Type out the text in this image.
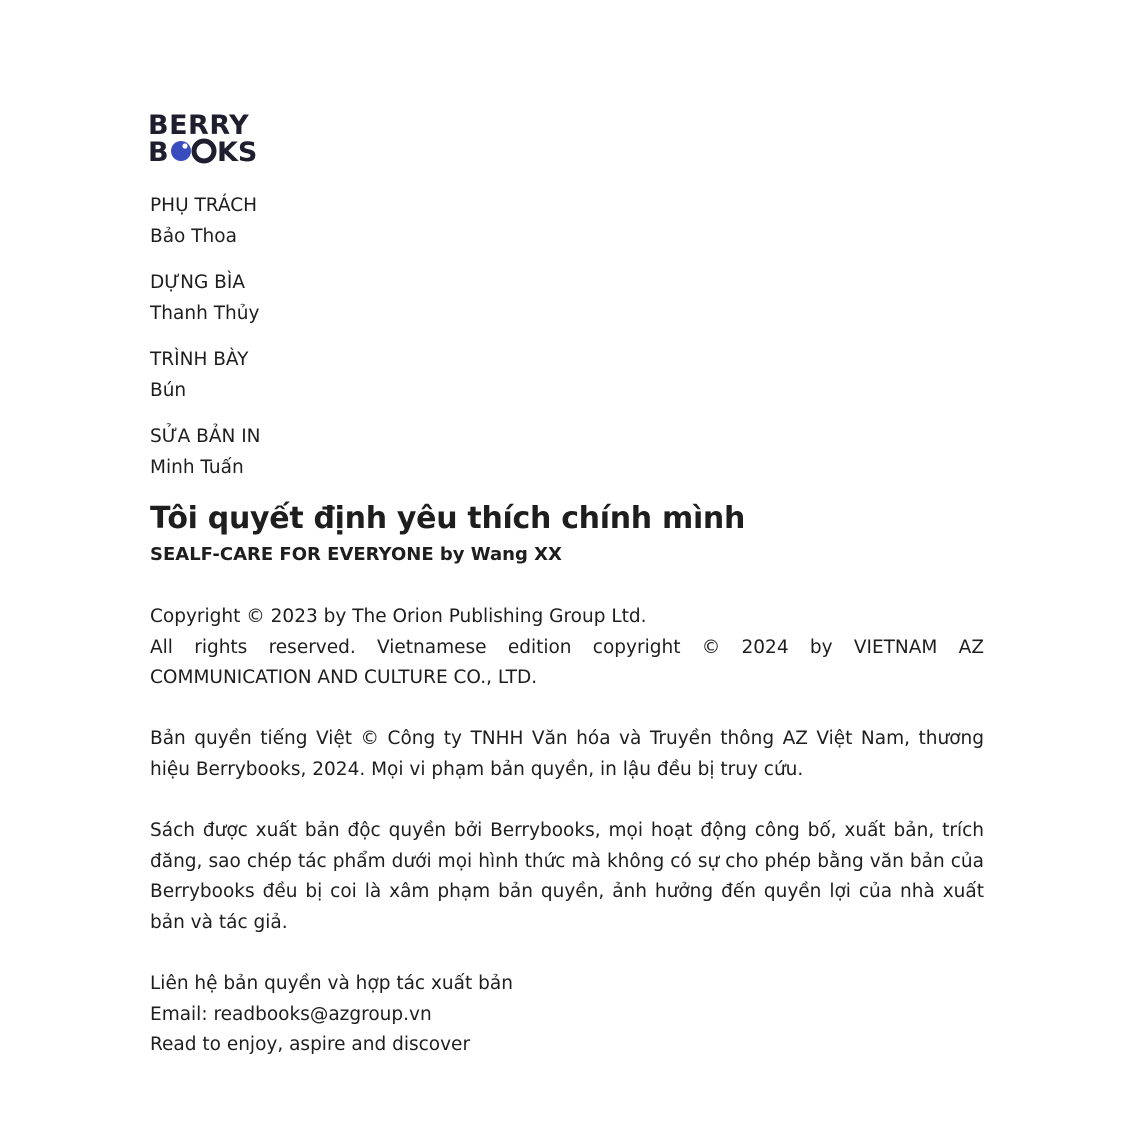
BERRY
B KS
PHỤ TRÁCH
Bảo Thoa
DỰNG BÌA
Thanh Thủy
TRÌNH BÀY
Bún
SỬA BẢN IN
Minh Tuấn
Tôi quyết định yêu thích chính mình

SEALF-CARE FOR EVERYONE by Wang XX

Copyright © 2023 by The Orion Publishing Group Ltd.
All rights reserved. Vietnamese edition copyright © 2024 by VIETNAM AZ COMMUNICATION AND CULTURE CO., LTD.

Bản quyền tiếng Việt © Công ty TNHH Văn hóa và Truyền thông AZ Việt Nam, thương hiệu Berrybooks, 2024. Mọi vi phạm bản quyền, in lậu đều bị truy cứu.

Sách được xuất bản độc quyền bởi Berrybooks, mọi hoạt động công bố, xuất bản, trích đăng, sao chép tác phẩm dưới mọi hình thức mà không có sự cho phép bằng văn bản của Berrybooks đều bị coi là xâm phạm bản quyền, ảnh hưởng đến quyền lợi của nhà xuất bản và tác giả.

Liên hệ bản quyền và hợp tác xuất bản
Email: readbooks@azgroup.vn
Read to enjoy, aspire and discover
